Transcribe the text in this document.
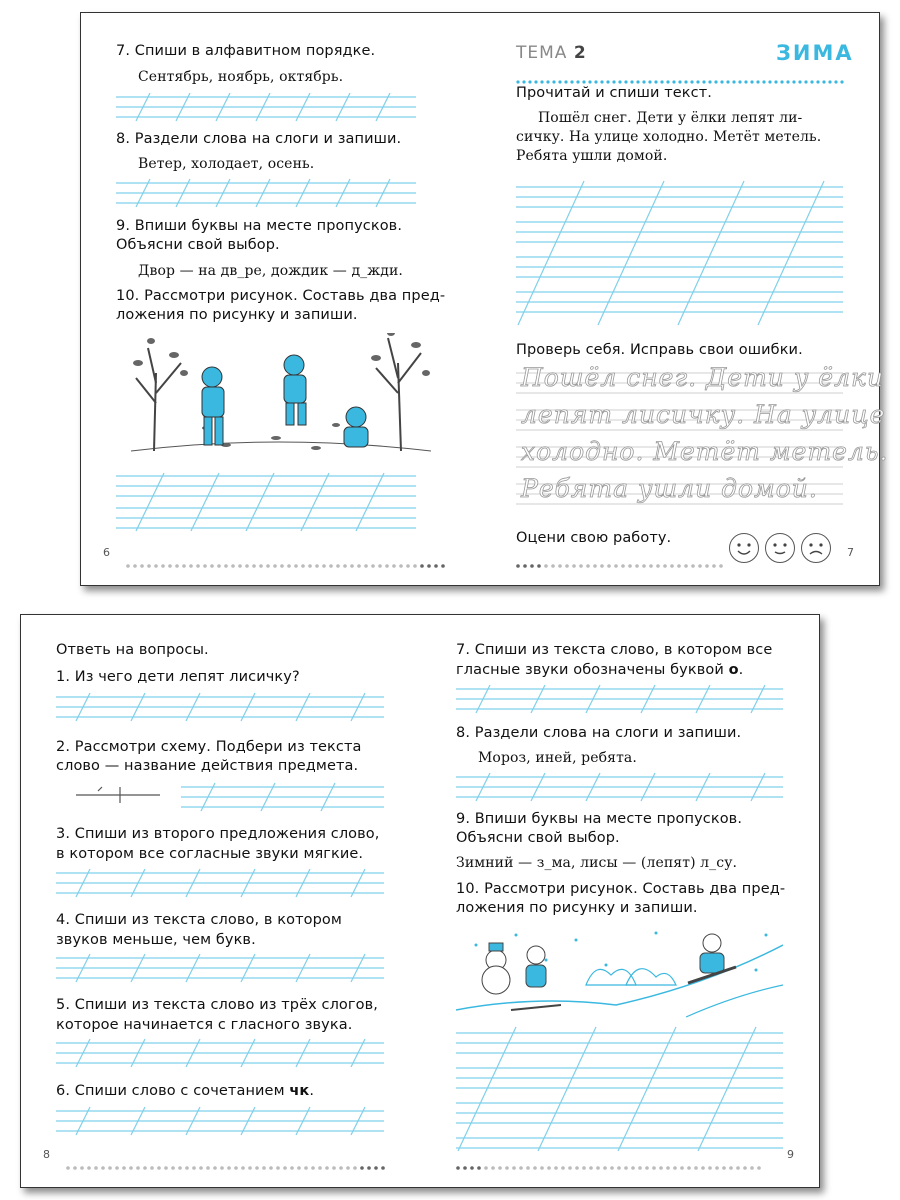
7. Спиши в алфавитном порядке.
Сентябрь, ноябрь, октябрь.
8. Раздели слова на слоги и запиши.
Ветер, холодает, осень.
9. Впиши буквы на месте пропусков.
Объясни свой выбор.
Двор — на дв_ре, дождик — д_жди.
10. Рассмотри рисунок. Составь два пред-
ложения по рисунку и запиши.
6
ТЕМА 2	ЗИМА
Прочитай и спиши текст.
Пошёл снег. Дети у ёлки лепят ли-
сичку. На улице холодно. Метёт метель.
Ребята ушли домой.
Проверь себя. Исправь свои ошибки.
Пошёл снег. Дети у ёлки
лепят лисичку. На улице
холодно. Метёт метель.
Ребята ушли домой.
Оцени свою работу.
7
Ответь на вопросы.
1. Из чего дети лепят лисичку?
2. Рассмотри схему. Подбери из текста
слово — название действия предмета.
3. Спиши из второго предложения слово,
в котором все согласные звуки мягкие.
4. Спиши из текста слово, в котором
звуков меньше, чем букв.
5. Спиши из текста слово из трёх слогов,
которое начинается с гласного звука.
6. Спиши слово с сочетанием чк.
8
7. Спиши из текста слово, в котором все
гласные звуки обозначены буквой о.
8. Раздели слова на слоги и запиши.
Мороз, иней, ребята.
9. Впиши буквы на месте пропусков.
Объясни свой выбор.
Зимний — з_ма, лисы — (лепят) л_су.
10. Рассмотри рисунок. Составь два пред-
ложения по рисунку и запиши.
9
